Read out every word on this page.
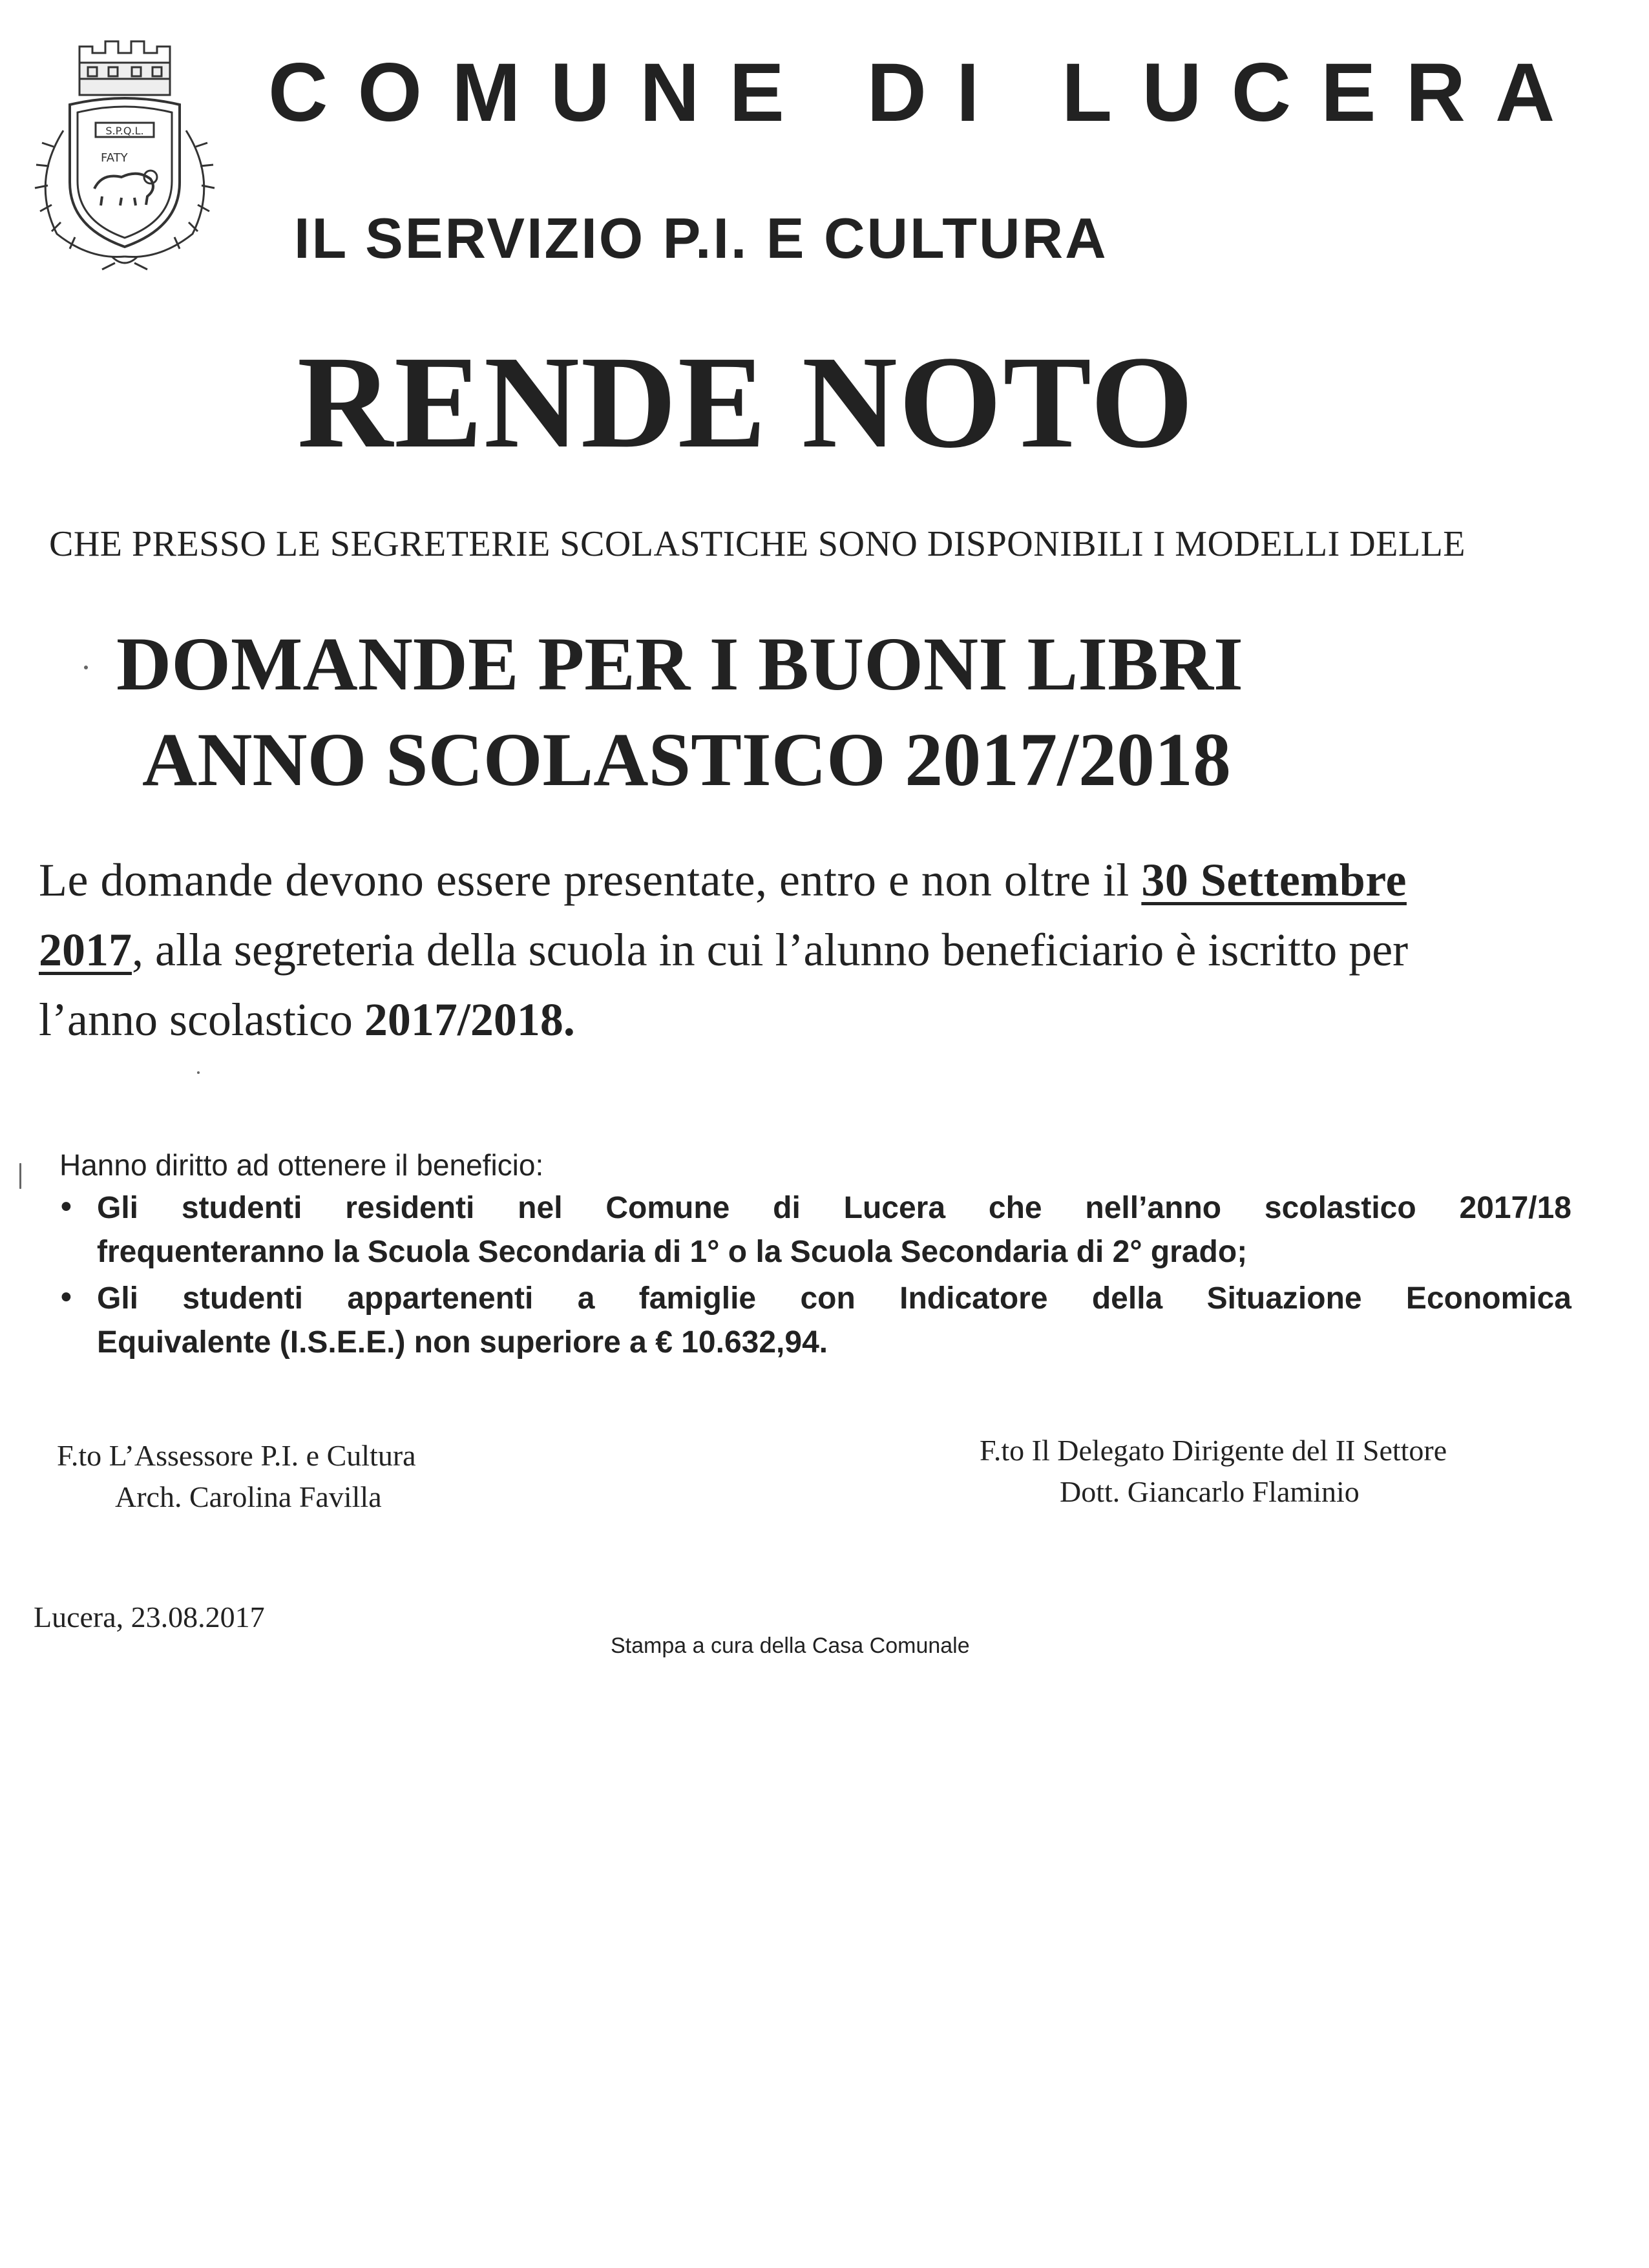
S.P.Q.L.
FATY
COMUNE DI LUCERA
IL SERVIZIO P.I. E CULTURA
RENDE NOTO
CHE PRESSO LE SEGRETERIE SCOLASTICHE SONO DISPONIBILI I MODELLI DELLE
DOMANDE PER I BUONI LIBRI
ANNO SCOLASTICO 2017/2018
Le domande devono essere presentate, entro e non oltre il 30 Settembre
2017, alla segreteria della scuola in cui l’alunno beneficiario è iscritto per
l’anno scolastico 2017/2018.
Hanno diritto ad ottenere il beneficio:
• Gli studenti residenti nel Comune di Lucera che nell’anno scolastico 2017/18
frequenteranno la Scuola Secondaria di 1° o la Scuola Secondaria di 2° grado;
• Gli studenti appartenenti a famiglie con Indicatore della Situazione Economica
Equivalente (I.S.E.E.) non superiore a € 10.632,94.
F.to L’Assessore P.I. e Cultura
Arch. Carolina Favilla
F.to Il Delegato Dirigente del II Settore
Dott. Giancarlo Flaminio
Lucera, 23.08.2017
Stampa a cura della Casa Comunale
